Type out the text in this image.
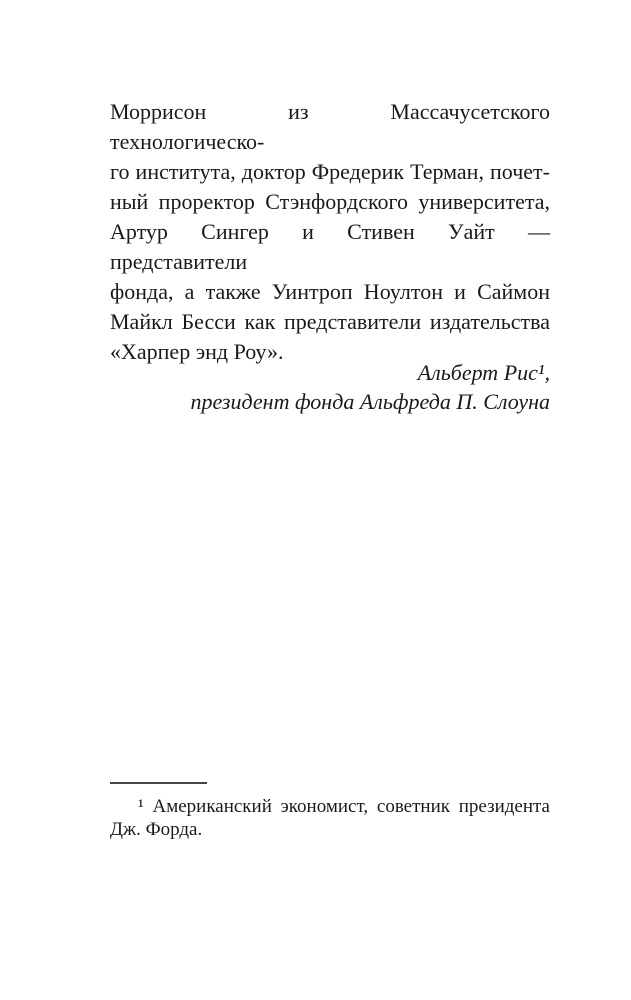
Моррисон из Массачусетского технологическо-
го института, доктор Фредерик Терман, почет-
ный проректор Стэнфордского университета,
Артур Сингер и Стивен Уайт — представители
фонда, а также Уинтроп Ноултон и Саймон
Майкл Бесси как представители издательства
«Харпер энд Роу».
Альберт Рис¹,
президент фонда Альфреда П. Слоуна
¹ Американский экономист, советник президента
Дж. Форда.
